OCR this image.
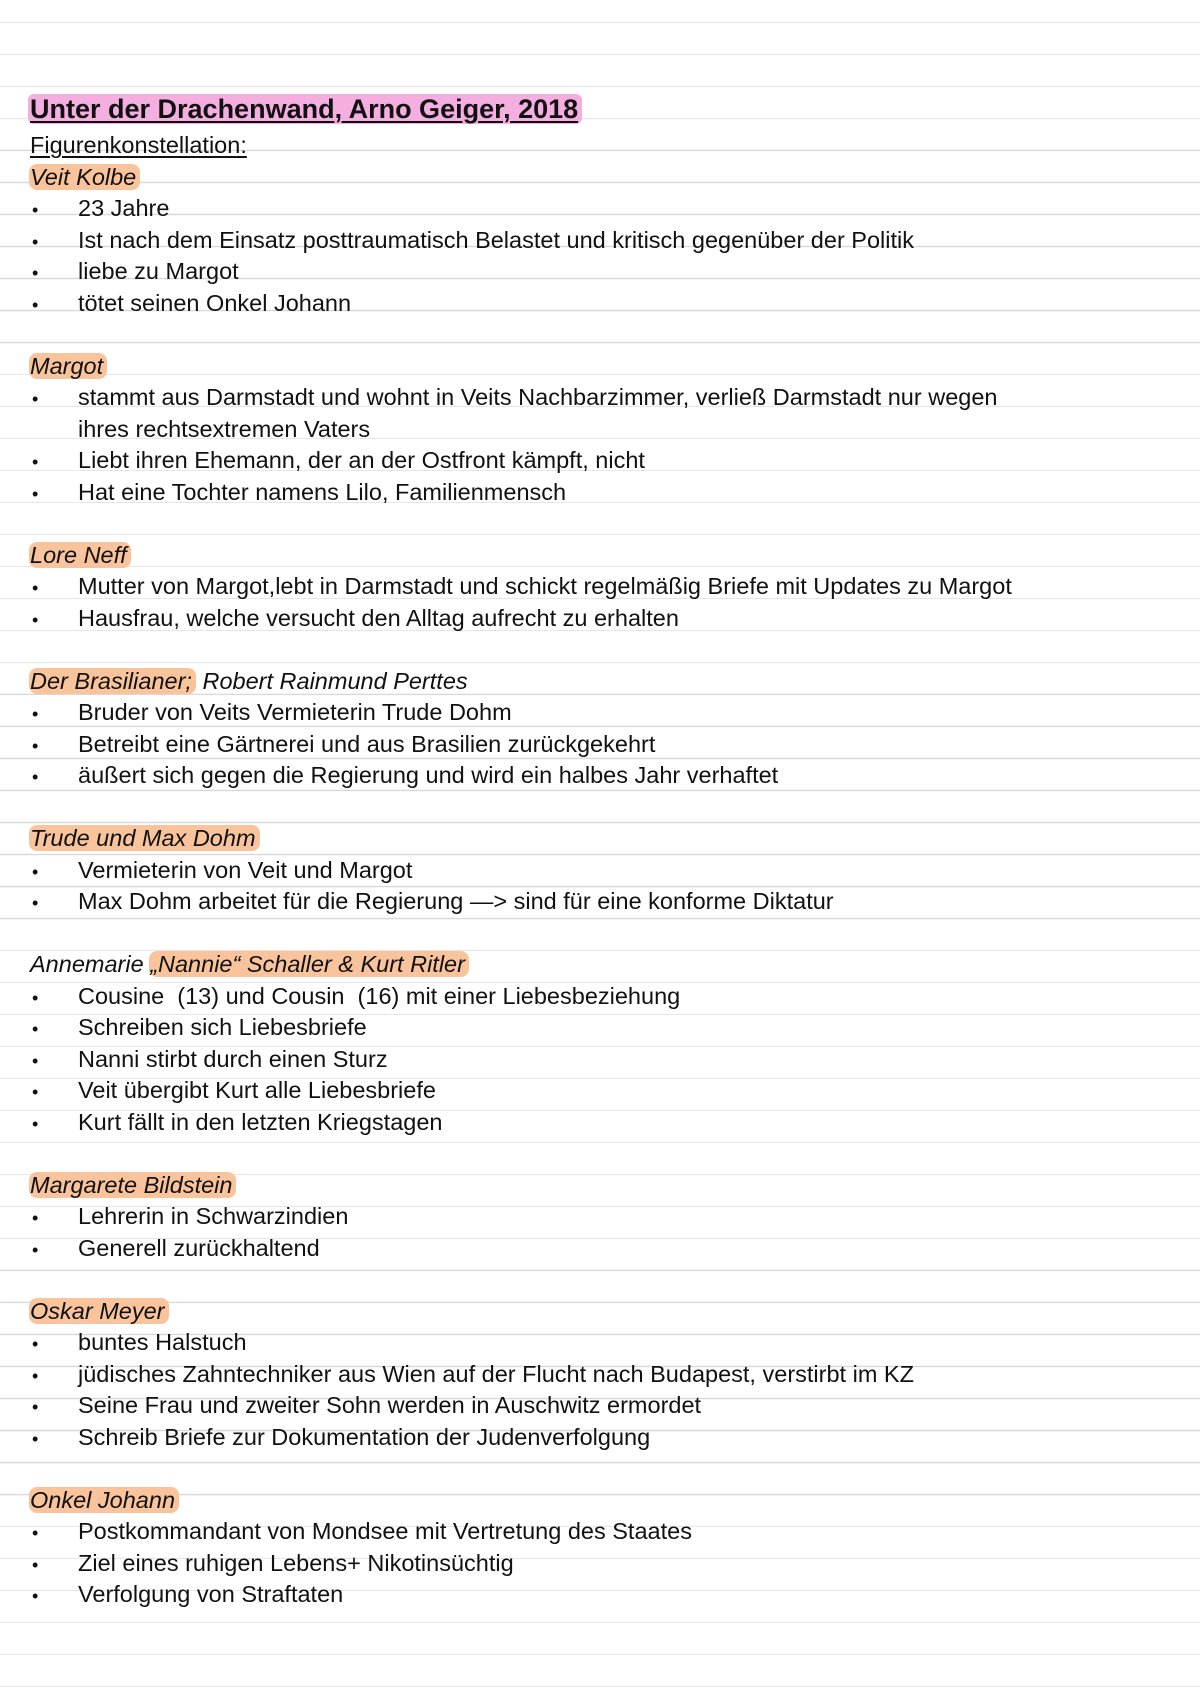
Unter der Drachenwand, Arno Geiger, 2018
Figurenkonstellation:
Veit Kolbe
• 23 Jahre
• Ist nach dem Einsatz posttraumatisch Belastet und kritisch gegenüber der Politik
• liebe zu Margot
• tötet seinen Onkel Johann
Margot
• stammt aus Darmstadt und wohnt in Veits Nachbarzimmer, verließ Darmstadt nur wegen
ihres rechtsextremen Vaters
• Liebt ihren Ehemann, der an der Ostfront kämpft, nicht
• Hat eine Tochter namens Lilo, Familienmensch
Lore Neff
• Mutter von Margot,lebt in Darmstadt und schickt regelmäßig Briefe mit Updates zu Margot
• Hausfrau, welche versucht den Alltag aufrecht zu erhalten
Der Brasilianer; Robert Rainmund Perttes
• Bruder von Veits Vermieterin Trude Dohm
• Betreibt eine Gärtnerei und aus Brasilien zurückgekehrt
• äußert sich gegen die Regierung und wird ein halbes Jahr verhaftet
Trude und Max Dohm
• Vermieterin von Veit und Margot
• Max Dohm arbeitet für die Regierung —> sind für eine konforme Diktatur
Annemarie „Nannie“ Schaller & Kurt Ritler
• Cousine  (13) und Cousin  (16) mit einer Liebesbeziehung
• Schreiben sich Liebesbriefe
• Nanni stirbt durch einen Sturz
• Veit übergibt Kurt alle Liebesbriefe
• Kurt fällt in den letzten Kriegstagen
Margarete Bildstein
• Lehrerin in Schwarzindien
• Generell zurückhaltend
Oskar Meyer
• buntes Halstuch
• jüdisches Zahntechniker aus Wien auf der Flucht nach Budapest, verstirbt im KZ
• Seine Frau und zweiter Sohn werden in Auschwitz ermordet
• Schreib Briefe zur Dokumentation der Judenverfolgung
Onkel Johann
• Postkommandant von Mondsee mit Vertretung des Staates
• Ziel eines ruhigen Lebens+ Nikotinsüchtig
• Verfolgung von Straftaten
